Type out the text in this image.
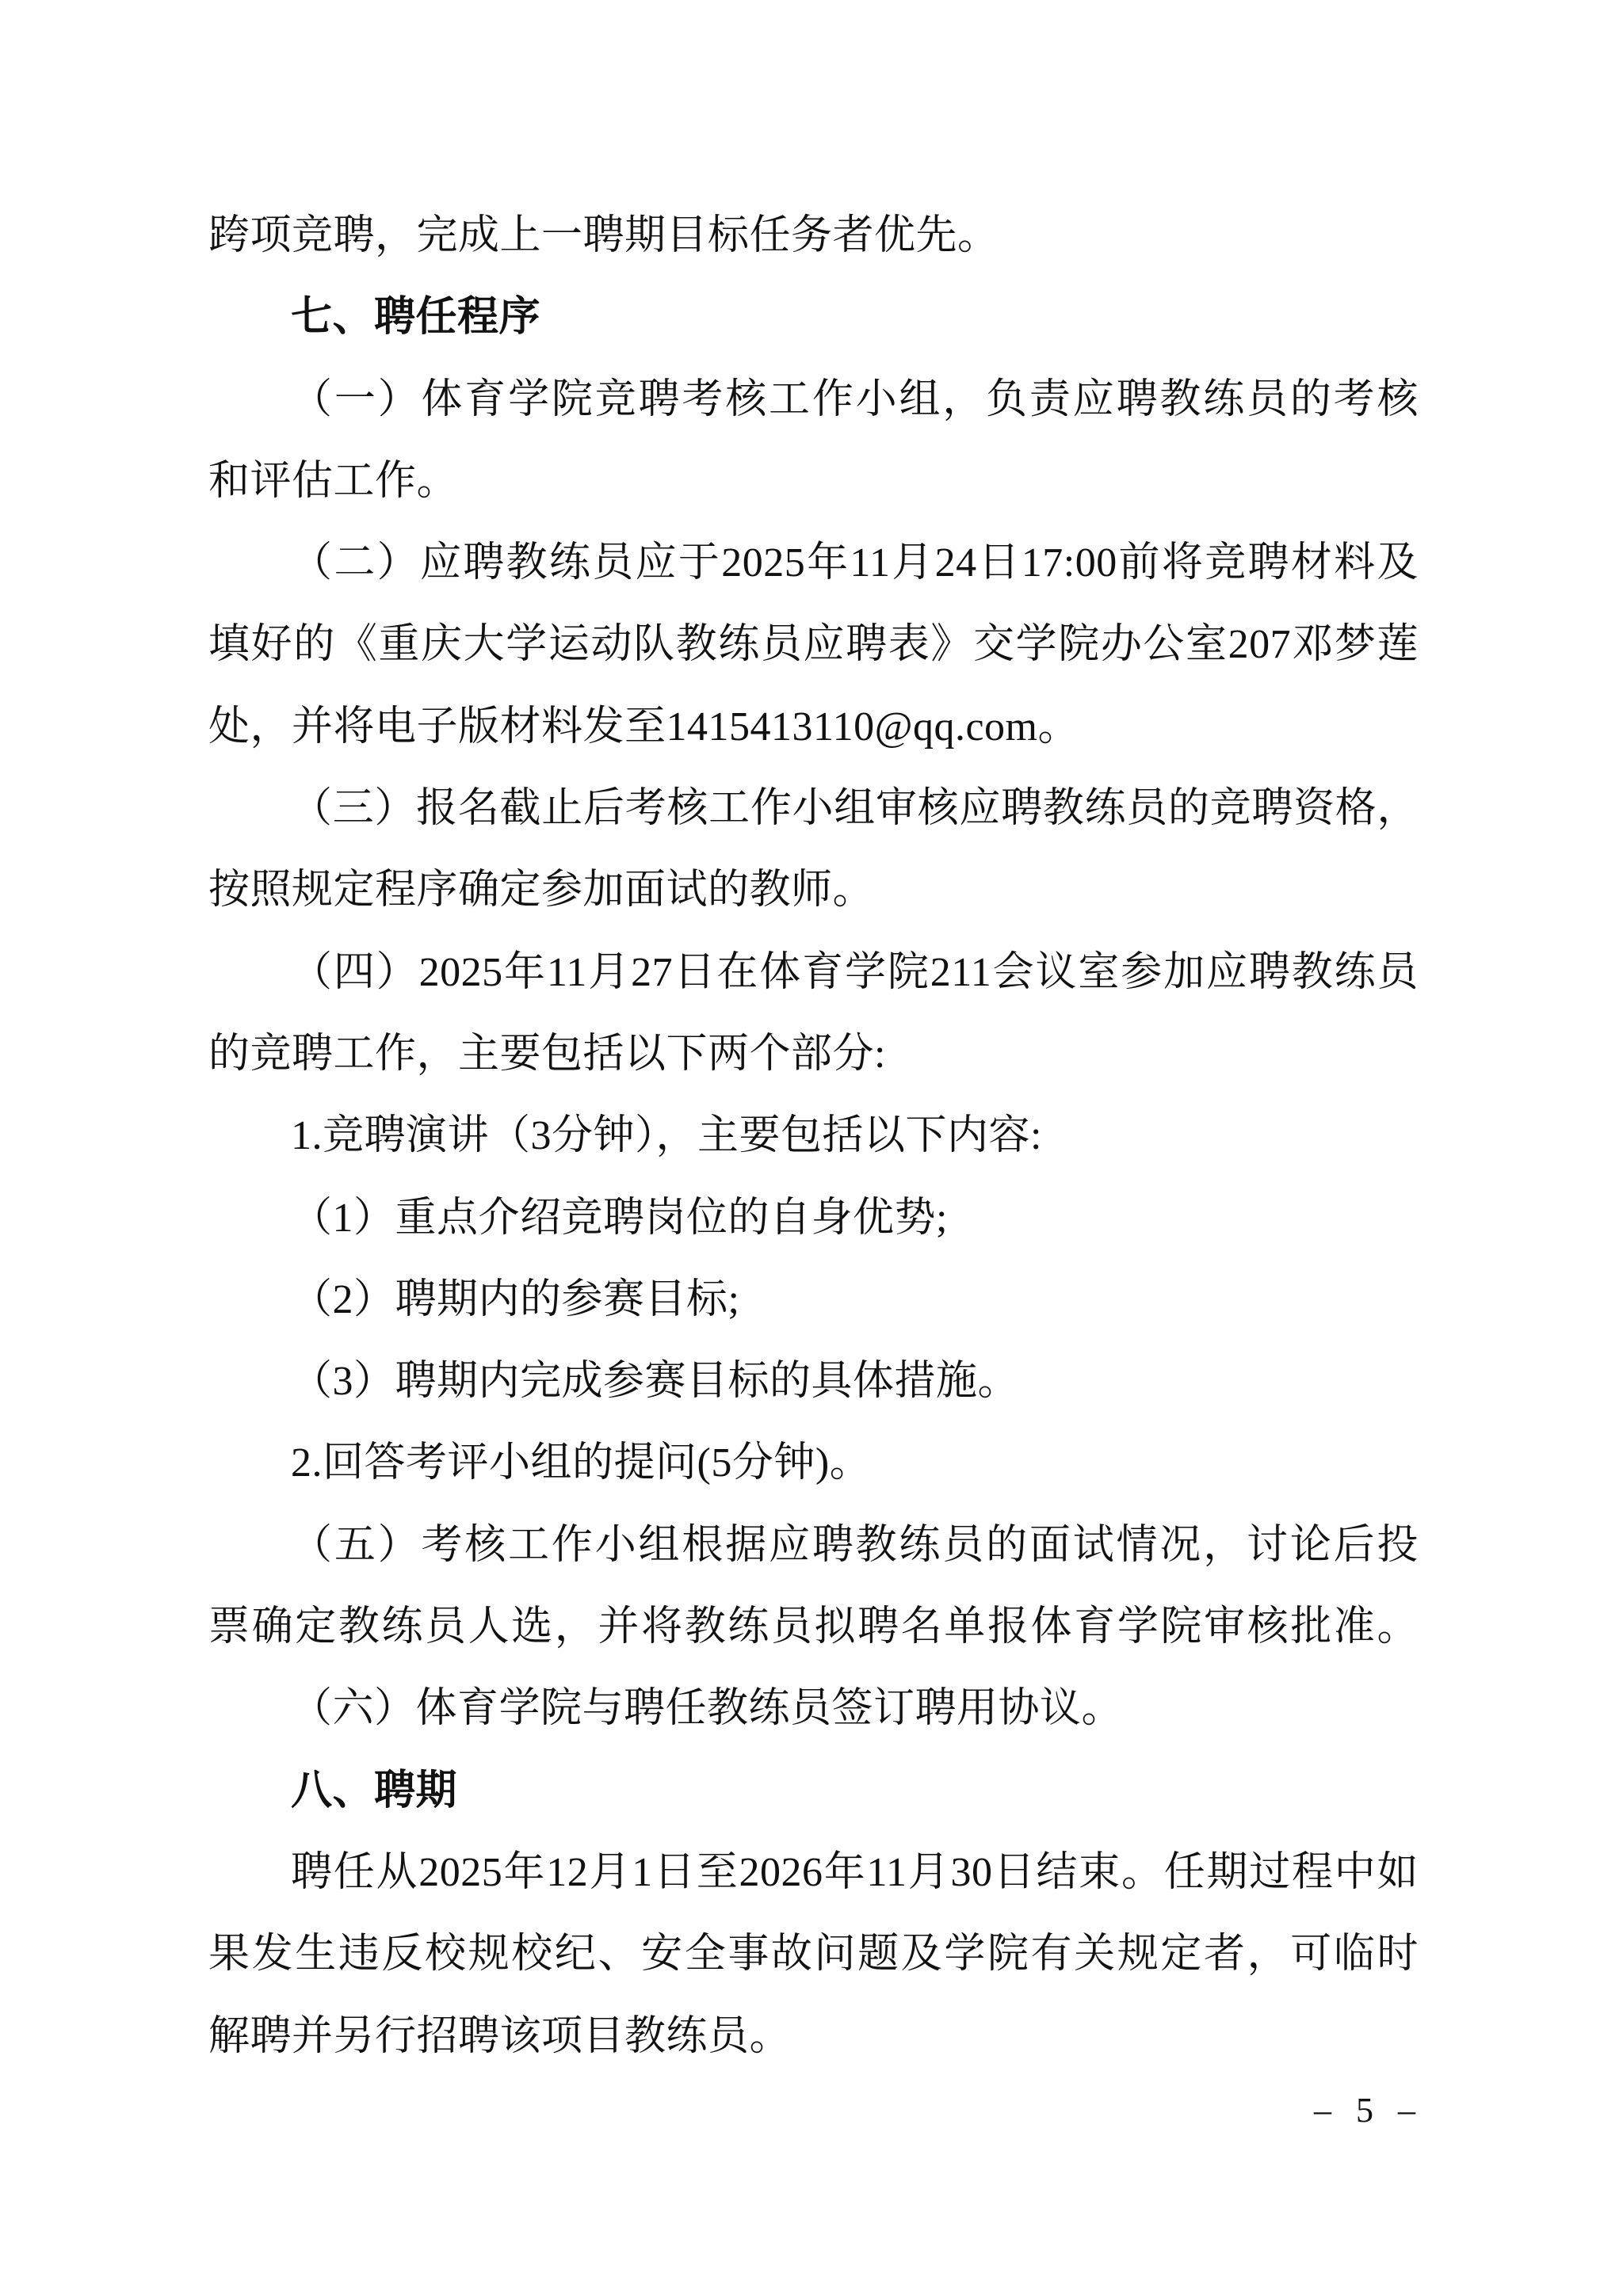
跨项竞聘，完成上一聘期目标任务者优先。
七、聘任程序
（一）体育学院竞聘考核工作小组，负责应聘教练员的考核
和评估工作。
（二）应聘教练员应于2025年11月24日17:00前将竞聘材料及
填好的《重庆大学运动队教练员应聘表》交学院办公室207邓梦莲
处，并将电子版材料发至1415413110@qq.com。
（三）报名截止后考核工作小组审核应聘教练员的竞聘资格，
按照规定程序确定参加面试的教师。
（四）2025年11月27日在体育学院211会议室参加应聘教练员
的竞聘工作，主要包括以下两个部分:
1.竞聘演讲（3分钟），主要包括以下内容:
（1）重点介绍竞聘岗位的自身优势;
（2）聘期内的参赛目标;
（3）聘期内完成参赛目标的具体措施。
2.回答考评小组的提问(5分钟)。
（五）考核工作小组根据应聘教练员的面试情况，讨论后投
票确定教练员人选，并将教练员拟聘名单报体育学院审核批准。
（六）体育学院与聘任教练员签订聘用协议。
八、聘期
聘任从2025年12月1日至2026年11月30日结束。任期过程中如
果发生违反校规校纪、安全事故问题及学院有关规定者，可临时
解聘并另行招聘该项目教练员。
– 5 –
